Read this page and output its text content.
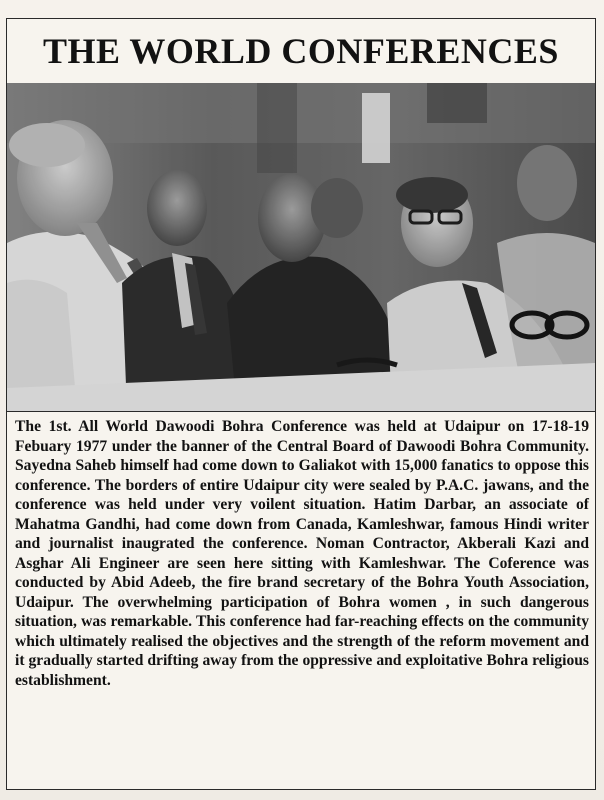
THE WORLD CONFERENCES

The 1st. All World Dawoodi Bohra Conference was held at Udaipur on 17-18-19 Febuary 1977 under the banner of the Central Board of Dawoodi Bohra Community. Sayedna Saheb himself had come down to Galiakot with 15,000 fanatics to oppose this conference. The borders of entire Udaipur city were sealed by P.A.C. jawans, and the conference was held under very voilent situation. Hatim Darbar, an associate of Mahatma Gandhi, had come down from Canada, Kamleshwar, famous Hindi writer and journalist inaugrated the conference. Noman Contractor, Akberali Kazi and Asghar Ali Engineer are seen here sitting with Kamleshwar. The Coference was conducted by Abid Adeeb, the fire brand secretary of the Bohra Youth Association, Udaipur. The overwhelming participation of Bohra women , in such dangerous situation, was remarkable. This conference had far-reaching effects on the community which ultimately realised the objectives and the strength of the reform movement and it gradually started drifting away from the oppressive and exploitative Bohra religious establishment.
